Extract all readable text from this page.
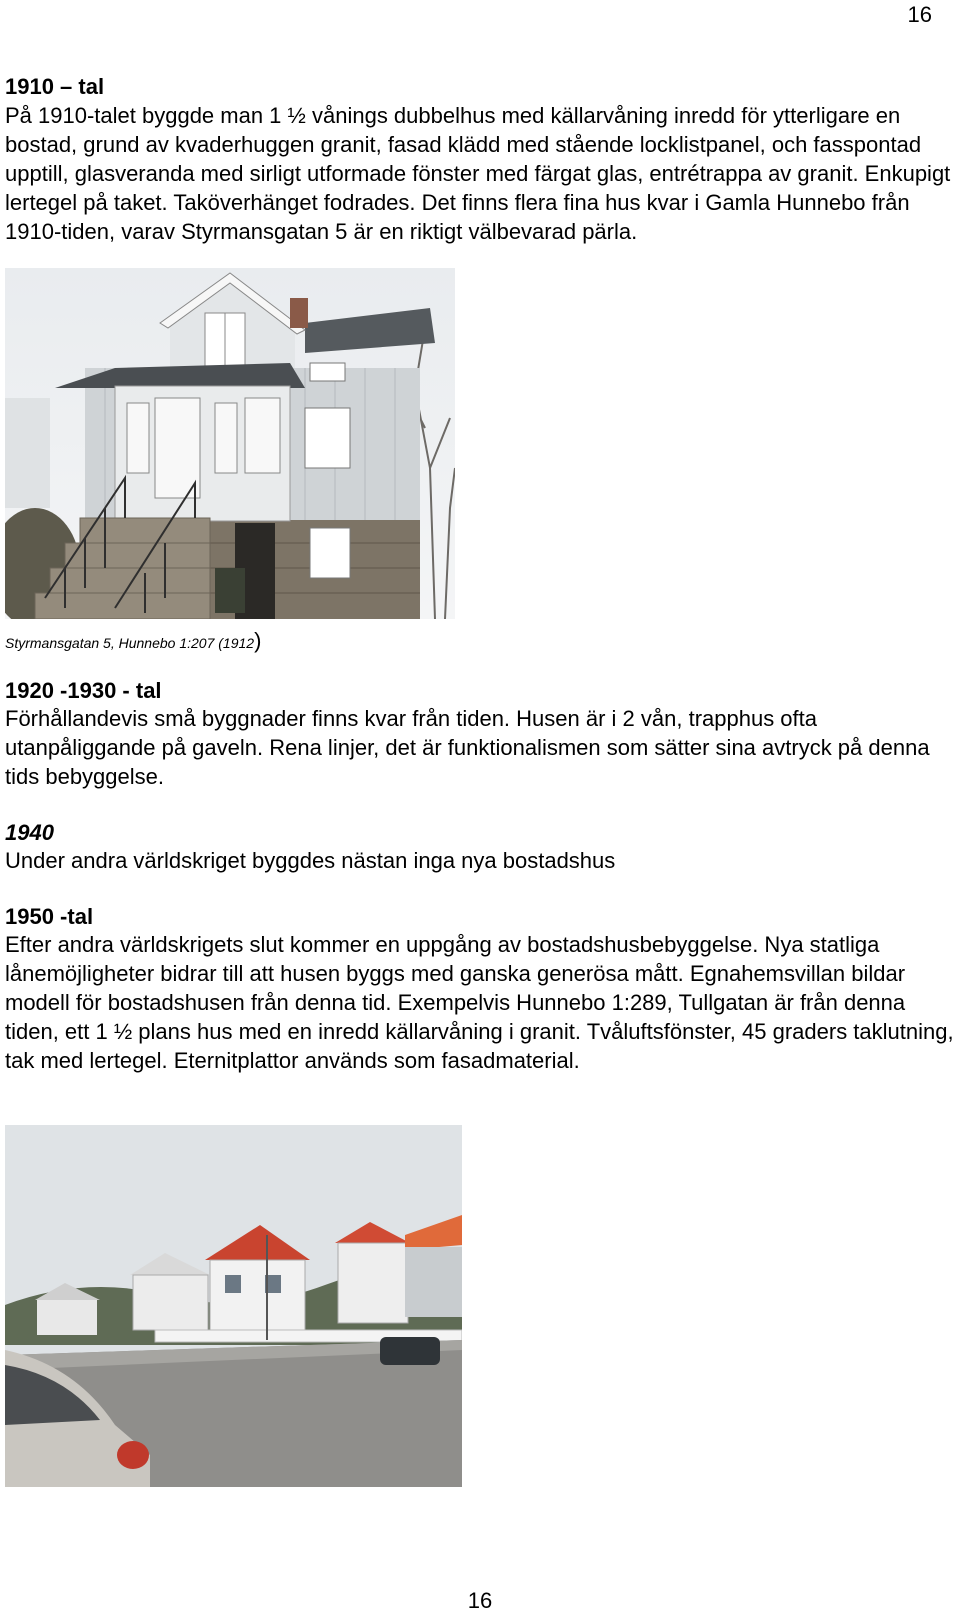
16
1910 – tal
På 1910-talet byggde man 1 ½ vånings dubbelhus med källarvåning inredd för ytterligare en bostad, grund av kvaderhuggen granit, fasad klädd med stående locklistpanel, och fasspontad upptill, glasveranda med sirligt utformade fönster med färgat glas, entrétrappa av granit. Enkupigt lertegel på taket. Taköverhänget fodrades. Det finns flera fina hus kvar i Gamla Hunnebo från 1910-tiden, varav Styrmansgatan 5 är en riktigt välbevarad pärla.
Styrmansgatan 5, Hunnebo 1:207 (1912)
1920 -1930 - tal
Förhållandevis små byggnader finns kvar från tiden. Husen är i 2 vån, trapphus ofta utanpåliggande på gaveln. Rena linjer, det är funktionalismen som sätter sina avtryck på denna tids bebyggelse.
1940
Under andra världskriget byggdes nästan inga nya bostadshus
1950 -tal
Efter andra världskrigets slut kommer en uppgång av bostadshusbebyggelse. Nya statliga lånemöjligheter bidrar till att husen byggs med ganska generösa mått. Egnahemsvillan bildar modell för bostadshusen från denna tid. Exempelvis Hunnebo 1:289, Tullgatan är från denna tiden, ett 1 ½ plans hus med en inredd källarvåning i granit. Tvåluftsfönster, 45 graders taklutning, tak med lertegel. Eternitplattor används som fasadmaterial.
16
